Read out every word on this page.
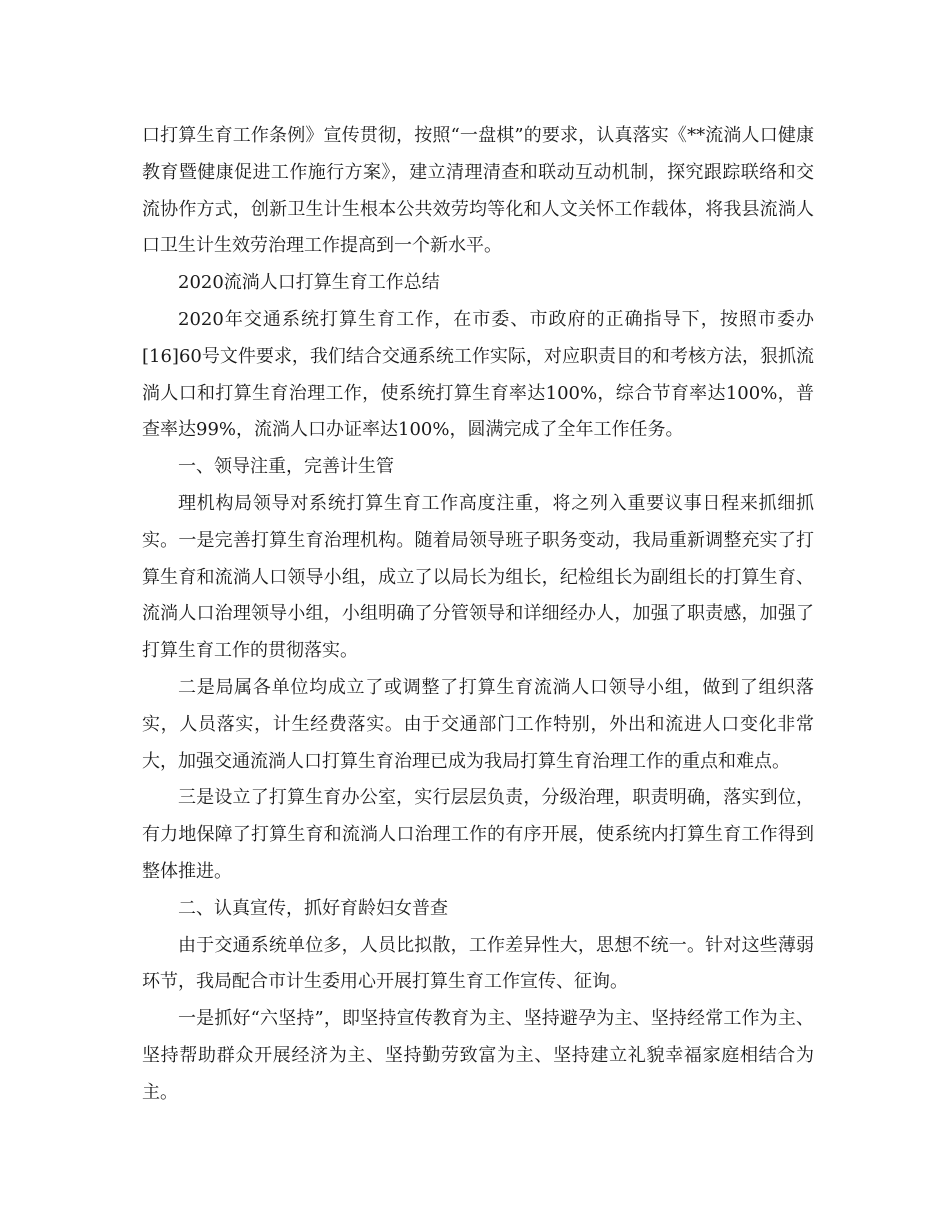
口打算生育工作条例》宣传贯彻，按照“一盘棋”的要求，认真落实《**流淌人口健康教育暨健康促进工作施行方案》，建立清理清查和联动互动机制，探究跟踪联络和交流协作方式，创新卫生计生根本公共效劳均等化和人文关怀工作载体，将我县流淌人口卫生计生效劳治理工作提高到一个新水平。

2020流淌人口打算生育工作总结

2020年交通系统打算生育工作，在市委、市政府的正确指导下，按照市委办[16]60号文件要求，我们结合交通系统工作实际，对应职责目的和考核方法，狠抓流淌人口和打算生育治理工作，使系统打算生育率达100%，综合节育率达100%，普查率达99%，流淌人口办证率达100%，圆满完成了全年工作任务。

一、领导注重，完善计生管

理机构局领导对系统打算生育工作高度注重，将之列入重要议事日程来抓细抓实。一是完善打算生育治理机构。随着局领导班子职务变动，我局重新调整充实了打算生育和流淌人口领导小组，成立了以局长为组长，纪检组长为副组长的打算生育、流淌人口治理领导小组，小组明确了分管领导和详细经办人，加强了职责感，加强了打算生育工作的贯彻落实。

二是局属各单位均成立了或调整了打算生育流淌人口领导小组，做到了组织落实，人员落实，计生经费落实。由于交通部门工作特别，外出和流进人口变化非常大，加强交通流淌人口打算生育治理已成为我局打算生育治理工作的重点和难点。

三是设立了打算生育办公室，实行层层负责，分级治理，职责明确，落实到位，有力地保障了打算生育和流淌人口治理工作的有序开展，使系统内打算生育工作得到整体推进。

二、认真宣传，抓好育龄妇女普查

由于交通系统单位多，人员比拟散，工作差异性大，思想不统一。针对这些薄弱环节，我局配合市计生委用心开展打算生育工作宣传、征询。

一是抓好“六坚持”，即坚持宣传教育为主、坚持避孕为主、坚持经常工作为主、坚持帮助群众开展经济为主、坚持勤劳致富为主、坚持建立礼貌幸福家庭相结合为主。
